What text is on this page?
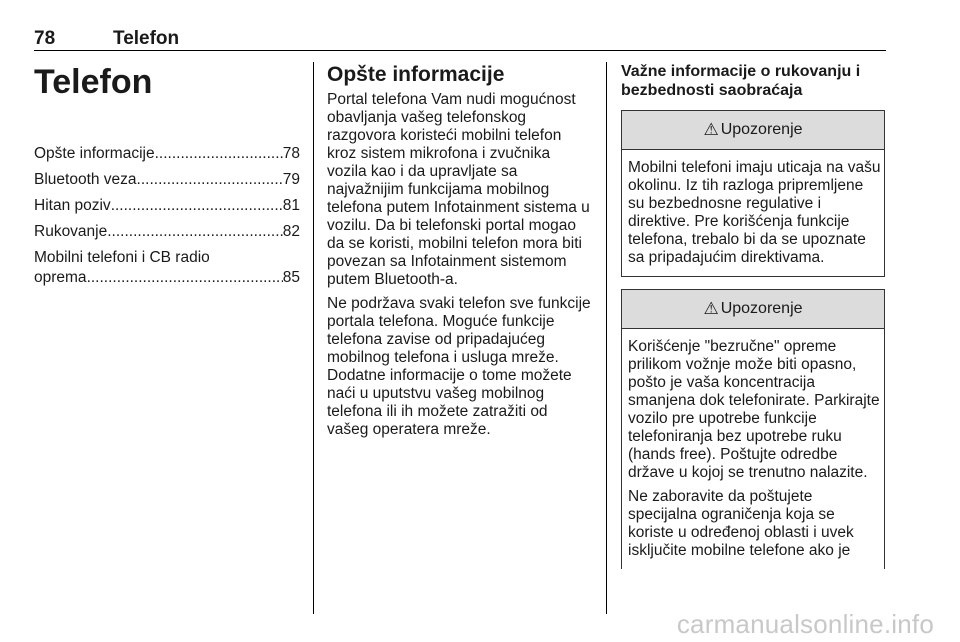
78	Telefon
Telefon
Opšte informacije .....	78
Bluetooth veza .....	79
Hitan poziv .....	81
Rukovanje .....	82
Mobilni telefoni i CB radio
oprema .....	85
Opšte informacije

Portal telefona Vam nudi mogućnost obavljanja vašeg telefonskog razgovora koristeći mobilni telefon kroz sistem mikrofona i zvučnika vozila kao i da upravljate sa najvažnijim funkcijama mobilnog telefona putem Infotainment sistema u vozilu. Da bi telefonski portal mogao da se koristi, mobilni telefon mora biti povezan sa Infotainment sistemom putem Bluetooth-a.

Ne podržava svaki telefon sve funkcije portala telefona. Moguće funkcije telefona zavise od pripadajućeg mobilnog telefona i usluga mreže. Dodatne informacije o tome možete naći u uputstvu vašeg mobilnog telefona ili ih možete zatražiti od vašeg operatera mreže.

Važne informacije o rukovanju i bezbednosti saobraćaja
⚠ Upozorenje

Mobilni telefoni imaju uticaja na vašu okolinu. Iz tih razloga pripremljene su bezbednosne regulative i direktive. Pre korišćenja funkcije telefona, trebalo bi da se upoznate sa pripadajućim direktivama.

⚠ Upozorenje

Korišćenje "bezručne" opreme prilikom vožnje može biti opasno, pošto je vaša koncentracija smanjena dok telefonirate. Parkirajte vozilo pre upotrebe funkcije telefoniranja bez upotrebe ruku (hands free). Poštujte odredbe države u kojoj se trenutno nalazite.

Ne zaboravite da poštujete specijalna ograničenja koja se koriste u određenoj oblasti i uvek isključite mobilne telefone ako je

carmanualsonline.info
